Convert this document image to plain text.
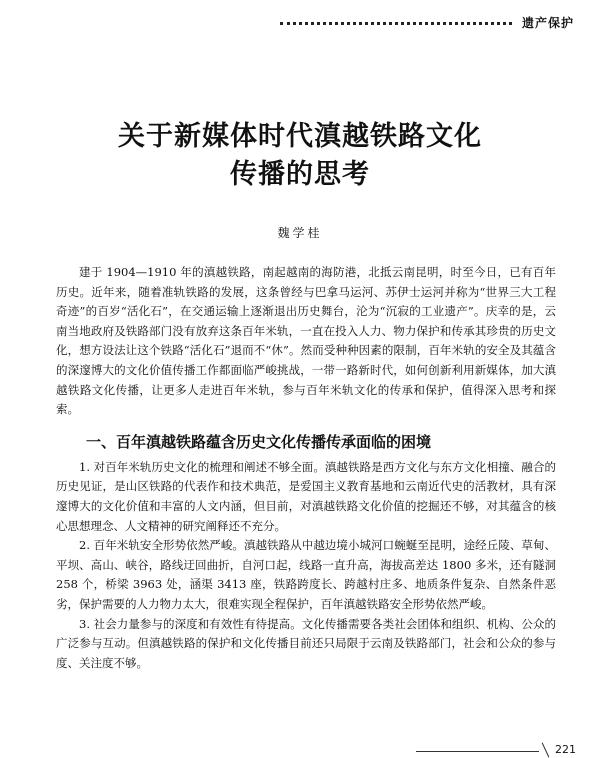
遗产保护
关于新媒体时代滇越铁路文化
传播的思考
魏学桂

建于 1904—1910 年的滇越铁路，南起越南的海防港，北抵云南昆明，时至今日，已有百年历史。近年来，随着准轨铁路的发展，这条曾经与巴拿马运河、苏伊士运河并称为“世界三大工程奇迹”的百岁“活化石”，在交通运输上逐渐退出历史舞台，沦为“沉寂的工业遗产”。庆幸的是，云南当地政府及铁路部门没有放弃这条百年米轨，一直在投入人力、物力保护和传承其珍贵的历史文化，想方设法让这个铁路“活化石”退而不“休”。然而受种种因素的限制，百年米轨的安全及其蕴含的深邃博大的文化价值传播工作都面临严峻挑战，一带一路新时代，如何创新利用新媒体，加大滇越铁路文化传播，让更多人走进百年米轨，参与百年米轨文化的传承和保护，值得深入思考和探索。

一、百年滇越铁路蕴含历史文化传播传承面临的困境

1. 对百年米轨历史文化的梳理和阐述不够全面。滇越铁路是西方文化与东方文化相撞、融合的历史见证，是山区铁路的代表作和技术典范，是爱国主义教育基地和云南近代史的活教材，具有深邃博大的文化价值和丰富的人文内涵，但目前，对滇越铁路文化价值的挖掘还不够，对其蕴含的核心思想理念、人文精神的研究阐释还不充分。

2. 百年米轨安全形势依然严峻。滇越铁路从中越边境小城河口蜿蜒至昆明，途经丘陵、草甸、平坝、高山、峡谷，路线迂回曲折，自河口起，线路一直升高，海拔高差达 1800 多米，还有隧洞 258 个，桥梁 3963 处，涵渠 3413 座，铁路跨度长、跨越村庄多、地质条件复杂、自然条件恶劣，保护需要的人力物力太大，很难实现全程保护，百年滇越铁路安全形势依然严峻。

3. 社会力量参与的深度和有效性有待提高。文化传播需要各类社会团体和组织、机构、公众的广泛参与互动。但滇越铁路的保护和文化传播目前还只局限于云南及铁路部门，社会和公众的参与度、关注度不够。

221
